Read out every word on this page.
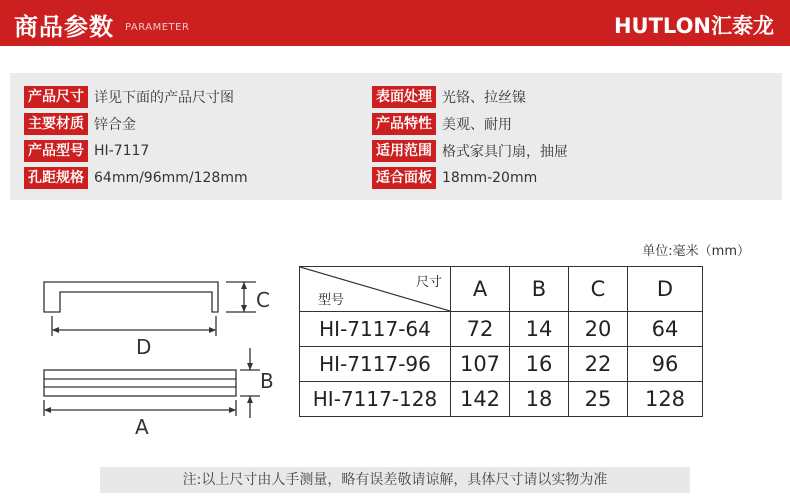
商品参数 PARAMETER	HUTLON汇泰龙
产品尺寸 详见下面的产品尺寸图
主要材质 锌合金
产品型号 HI-7117
孔距规格 64mm/96mm/128mm
表面处理 光铬、拉丝镍
产品特性 美观、耐用
适用范围 格式家具门扇，抽屉
适合面板 18mm-20mm
单位:毫米（mm）
C
D
B
A
尺寸
型号	A	B	C	D
HI-7117-64	72	14	20	64
HI-7117-96	107	16	22	96
HI-7117-128	142	18	25	128
注:以上尺寸由人手测量，略有误差敬请谅解，具体尺寸请以实物为准
